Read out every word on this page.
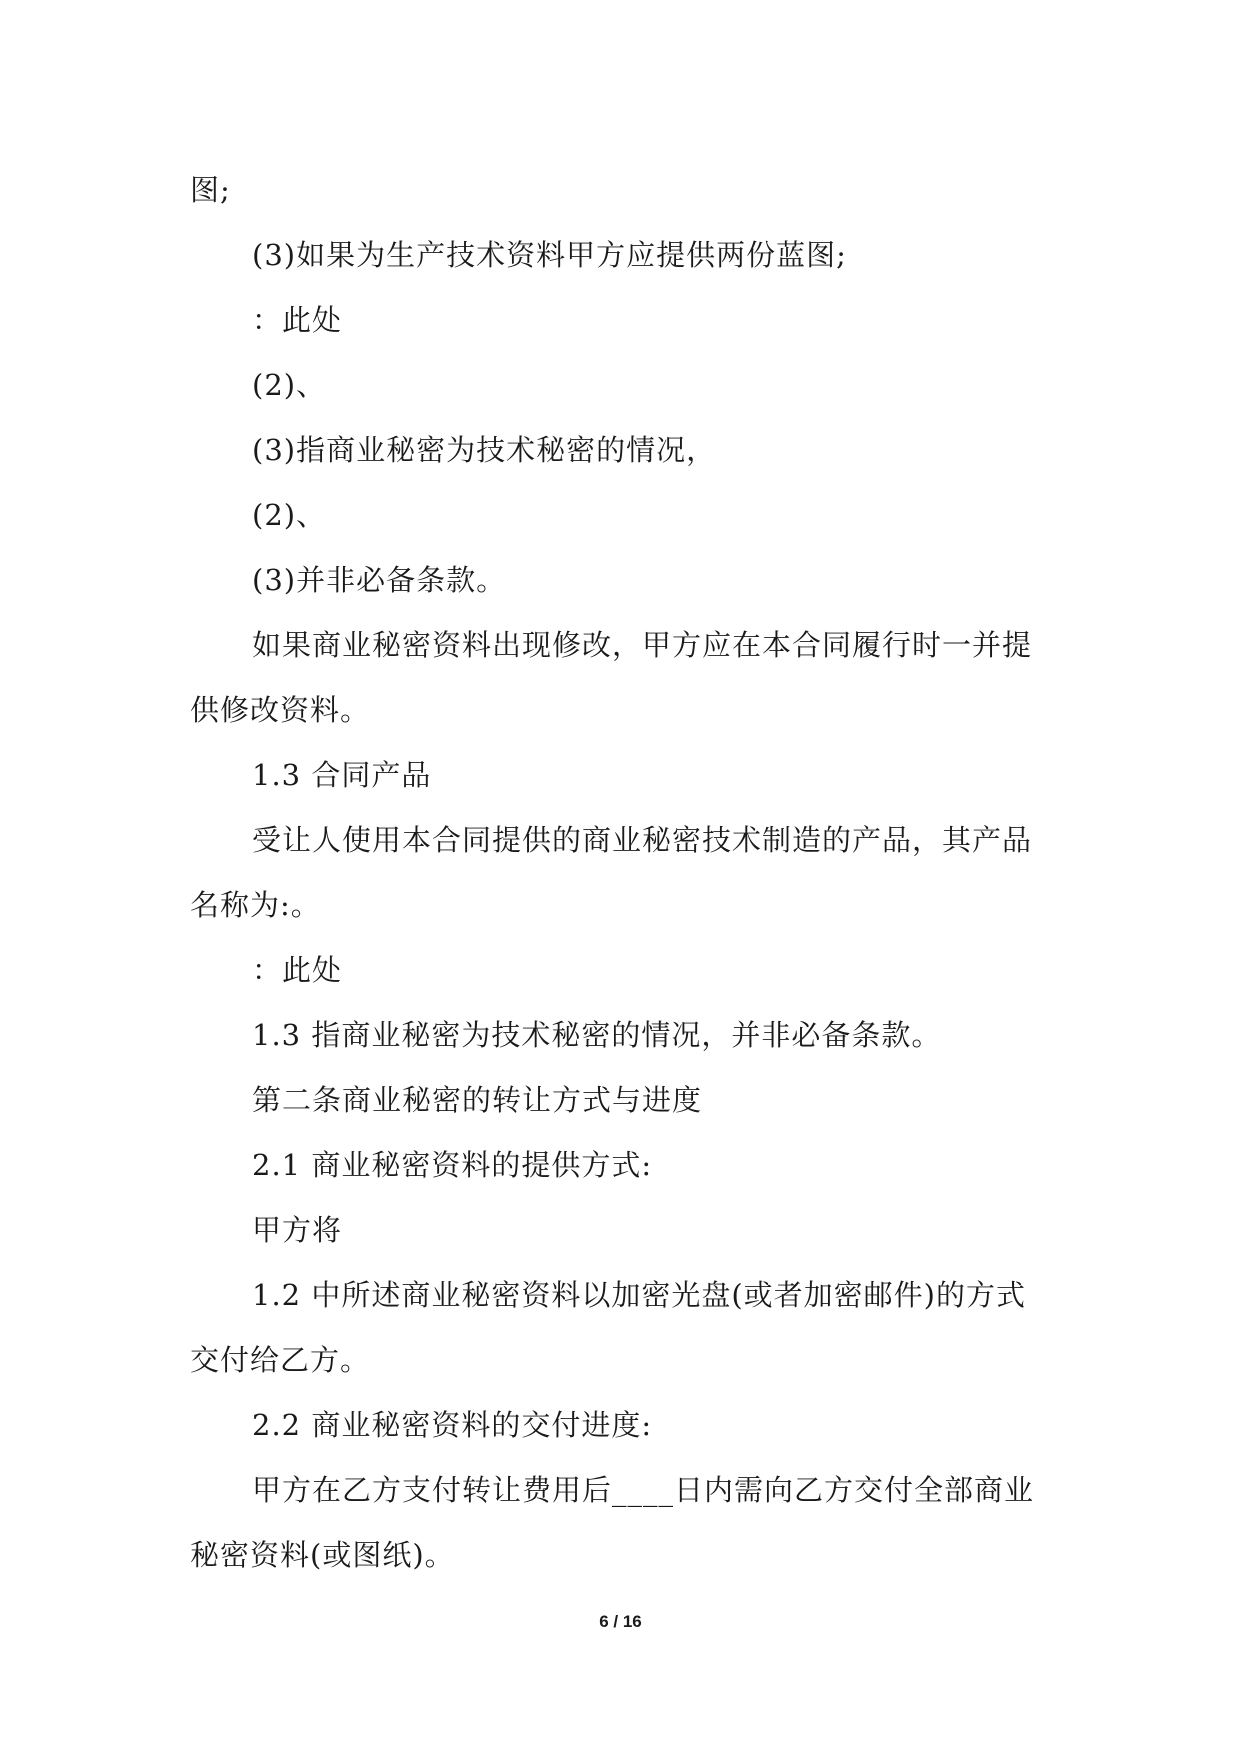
图;

(3)如果为生产技术资料甲方应提供两份蓝图;

：此处

(2)、

(3)指商业秘密为技术秘密的情况，

(2)、

(3)并非必备条款。

如果商业秘密资料出现修改，甲方应在本合同履行时一并提供修改资料。

1.3 合同产品

受让人使用本合同提供的商业秘密技术制造的产品，其产品名称为:。

：此处

1.3 指商业秘密为技术秘密的情况，并非必备条款。

第二条商业秘密的转让方式与进度

2.1 商业秘密资料的提供方式:

甲方将

1.2 中所述商业秘密资料以加密光盘(或者加密邮件)的方式交付给乙方。

2.2 商业秘密资料的交付进度:

甲方在乙方支付转让费用后____日内需向乙方交付全部商业秘密资料(或图纸)。

6 / 16
